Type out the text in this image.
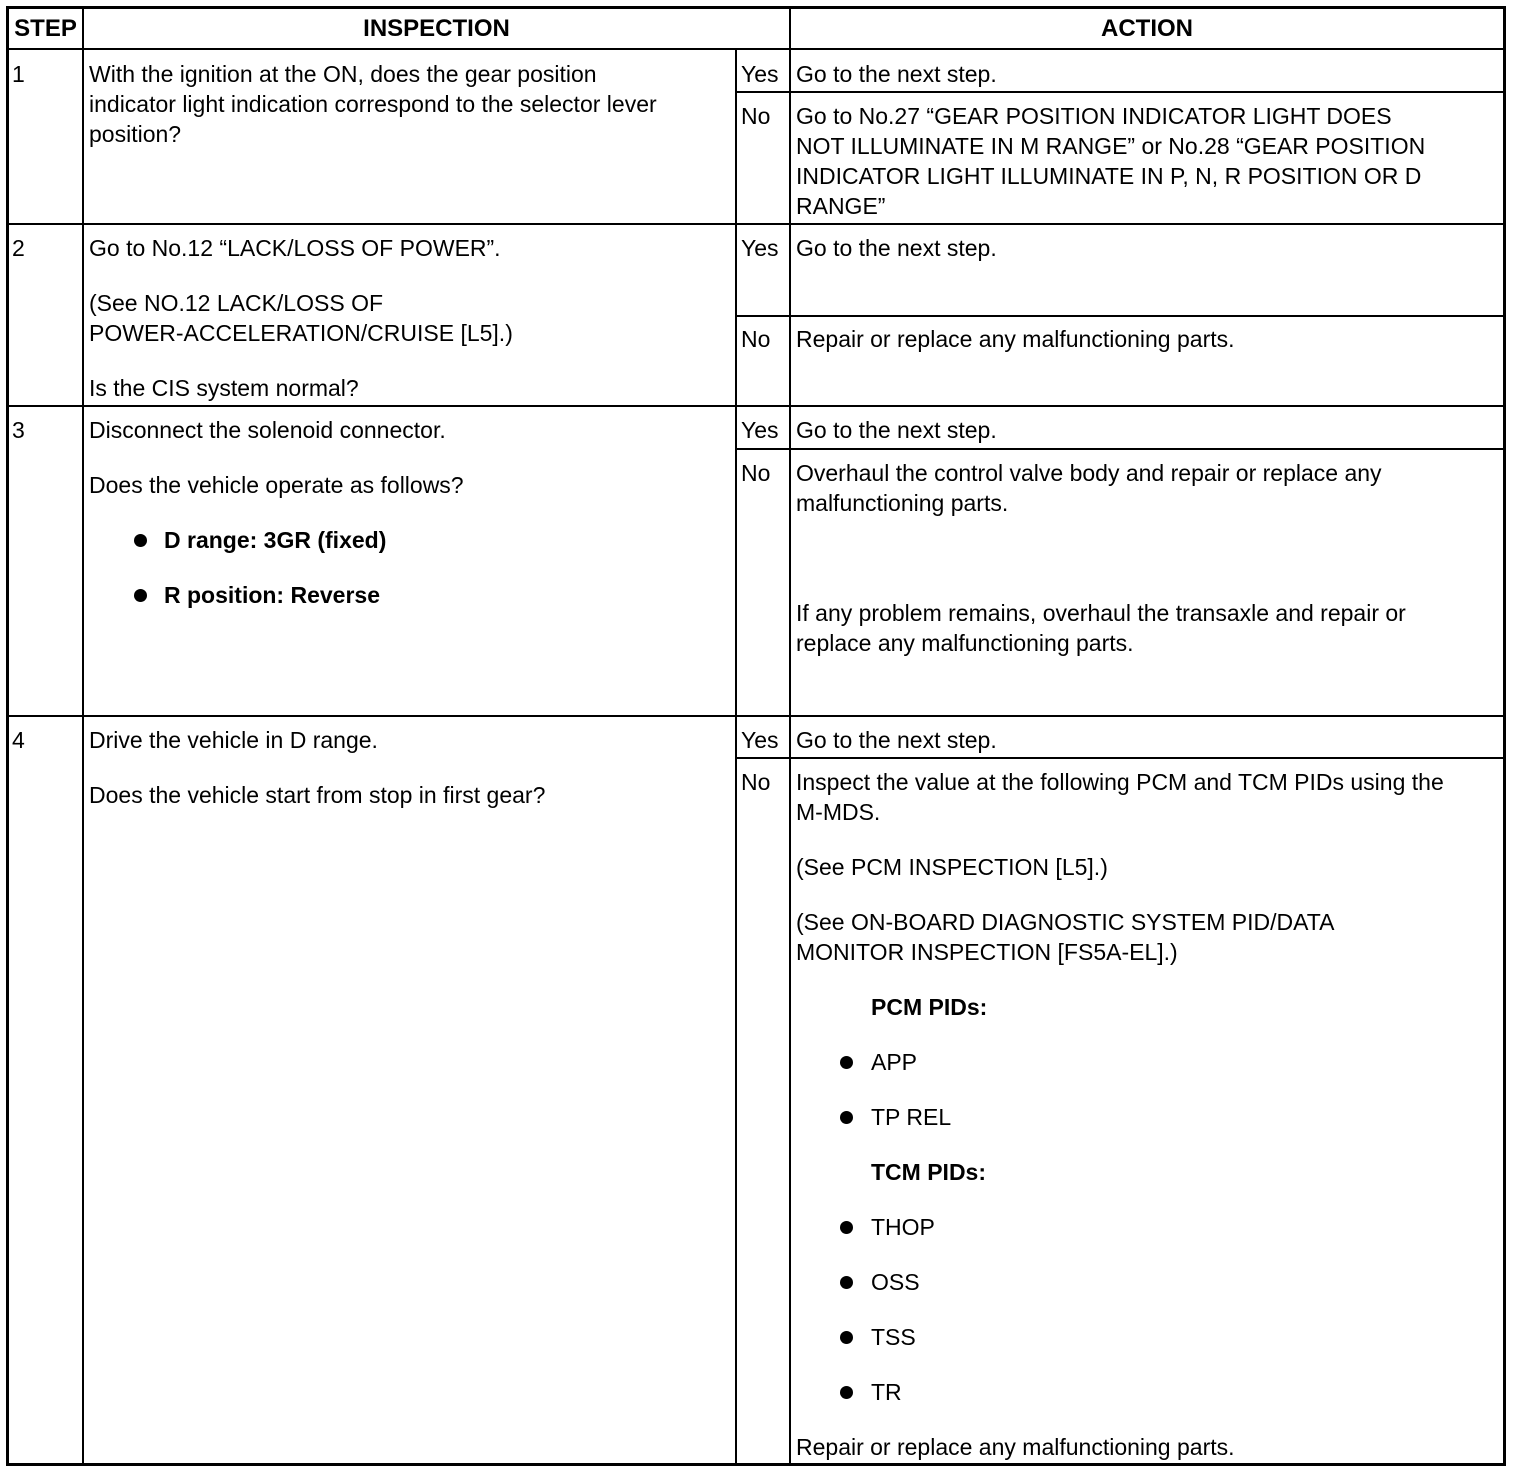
STEP	INSPECTION	ACTION
1	With the ignition at the ON, does the gear position
indicator light indication correspond to the selector lever
position?
Yes Go to the next step.
No Go to No.27 “GEAR POSITION INDICATOR LIGHT DOES
NOT ILLUMINATE IN M RANGE” or No.28 “GEAR POSITION
INDICATOR LIGHT ILLUMINATE IN P, N, R POSITION OR D
RANGE”
2	Go to No.12 “LACK/LOSS OF POWER”.
(See NO.12 LACK/LOSS OF
POWER-ACCELERATION/CRUISE [L5].)
Is the CIS system normal?
Yes Go to the next step.
No Repair or replace any malfunctioning parts.
3	Disconnect the solenoid connector.
Does the vehicle operate as follows?
D range: 3GR (fixed)
R position: Reverse
Yes Go to the next step.
No Overhaul the control valve body and repair or replace any
malfunctioning parts.
If any problem remains, overhaul the transaxle and repair or
replace any malfunctioning parts.
4	Drive the vehicle in D range.
Does the vehicle start from stop in first gear?
Yes Go to the next step.
No Inspect the value at the following PCM and TCM PIDs using the
M-MDS.
(See PCM INSPECTION [L5].)
(See ON-BOARD DIAGNOSTIC SYSTEM PID/DATA
MONITOR INSPECTION [FS5A-EL].)
PCM PIDs:
APP
TP REL
TCM PIDs:
THOP
OSS
TSS
TR
Repair or replace any malfunctioning parts.
